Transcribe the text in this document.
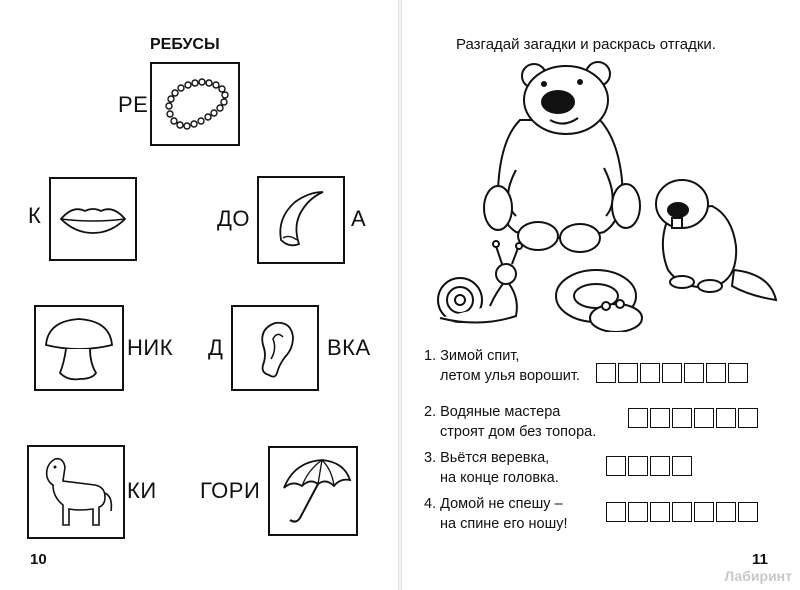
РЕБУСЫ
РЕ
К	ДО	А
НИК Д	ВКА
КИ ГОРИ
10
Разгадай загадки и раскрась отгадки.
1. Зимой спит,
летом улья ворошит.
2. Водяные мастера
строят дом без топора.
3. Вьётся веревка,
на конце головка.
4. Домой не спешу –
на спине его ношу!
11
Лабиринт
